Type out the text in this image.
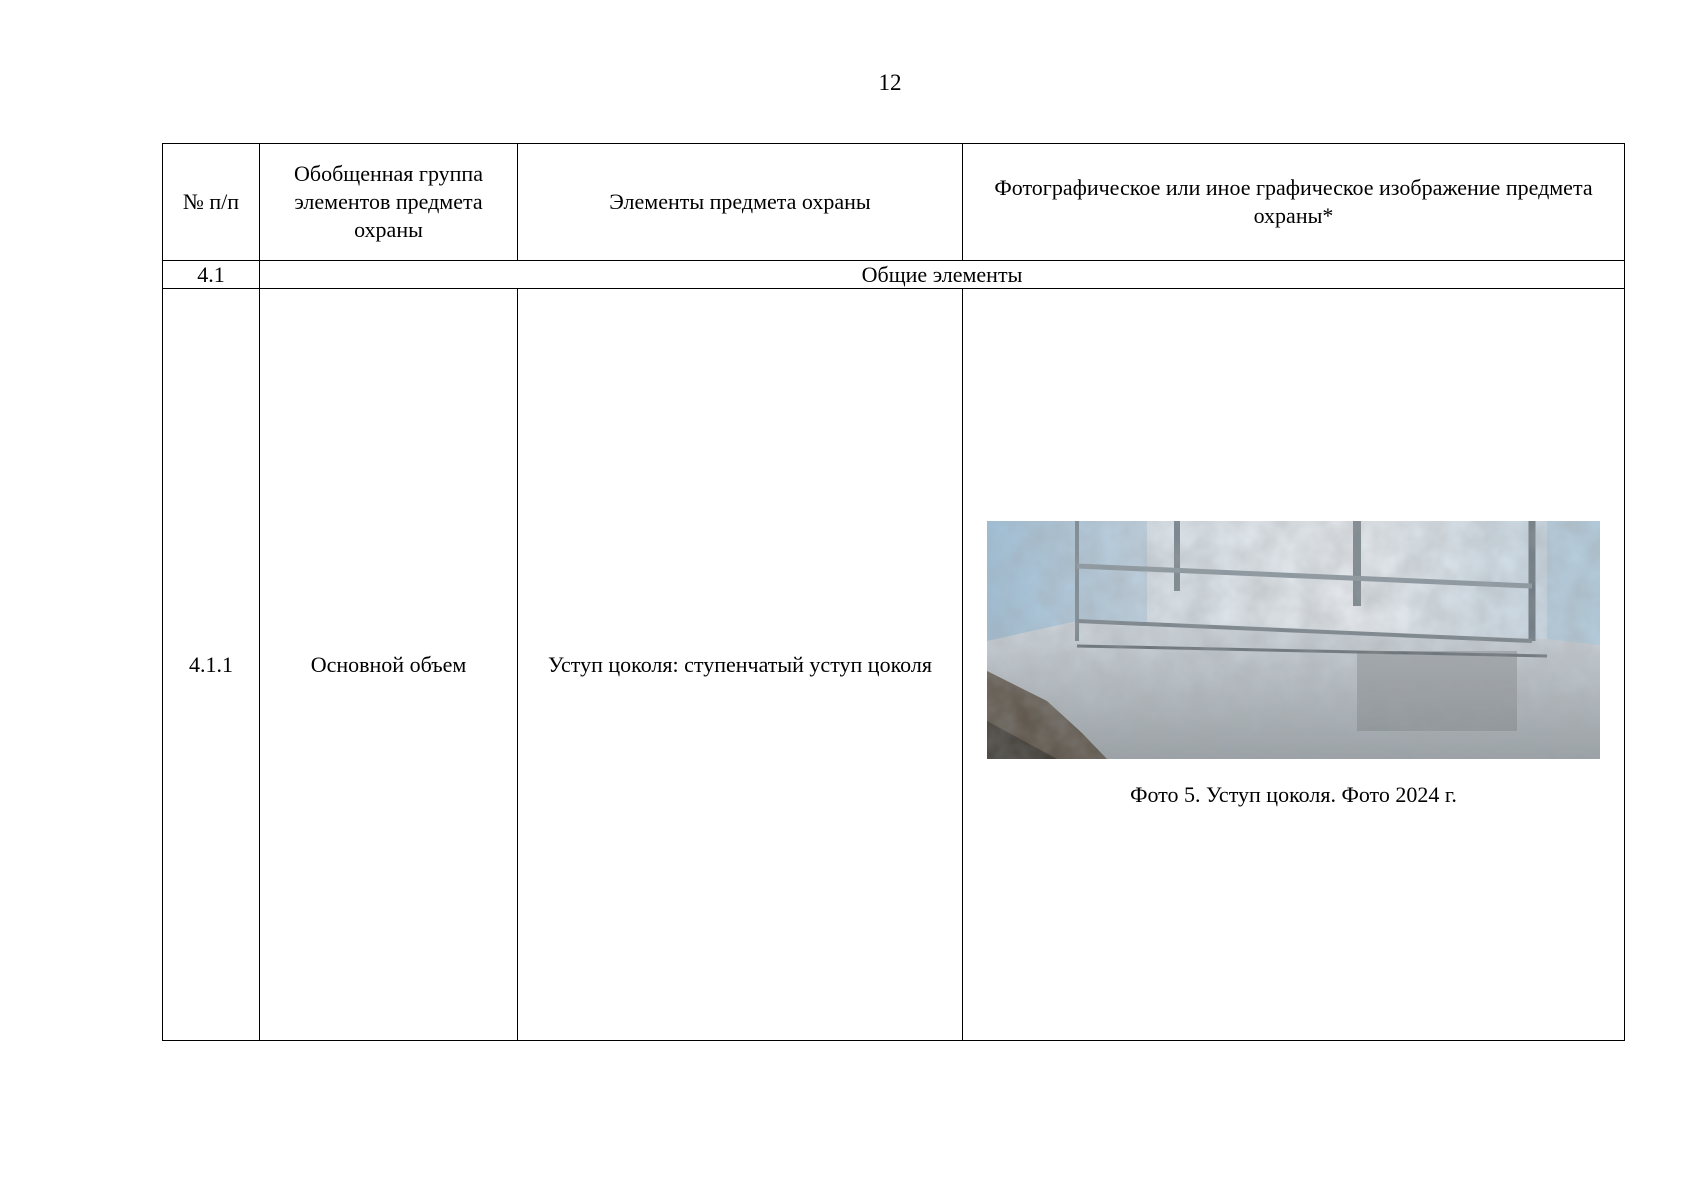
12
№ п/п	Обобщенная группа элементов предмета охраны	Элементы предмета охраны	Фотографическое или иное графическое изображение предмета охраны*
4.1	Общие элементы		
4.1.1	Основной объем	Уступ цоколя: ступенчатый уступ цоколя	Фото 5. Уступ цоколя. Фото 2024 г.
